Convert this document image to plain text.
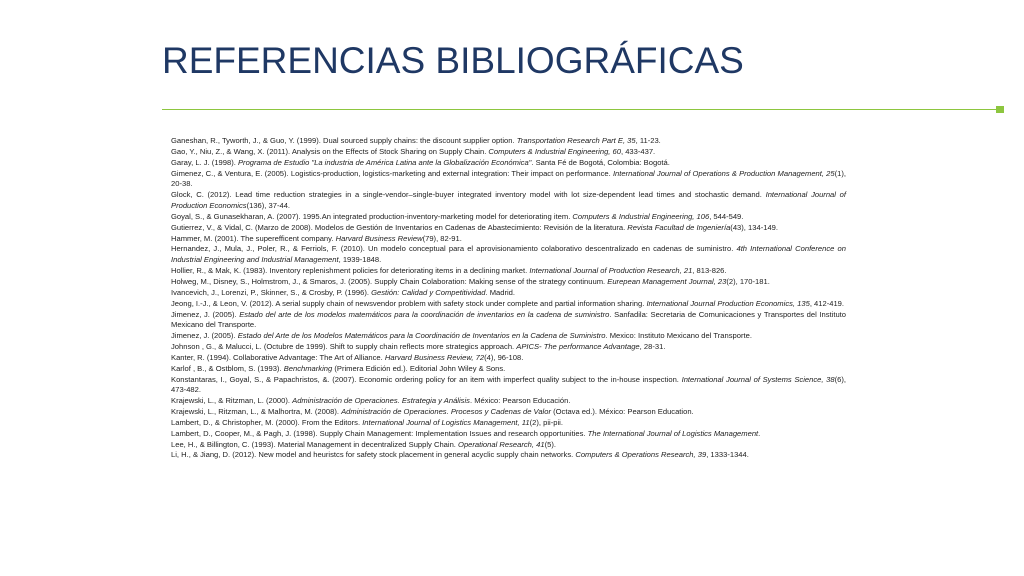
REFERENCIAS BIBLIOGRÁFICAS

Ganeshan, R., Tyworth, J., & Guo, Y. (1999). Dual sourced supply chains: the discount supplier option. Transportation Research Part E, 35, 11-23.

Gao, Y., Niu, Z., & Wang, X. (2011). Analysis on the Effects of Stock Sharing on Supply Chain. Computers & Industrial Engineering, 60, 433-437.

Garay, L. J. (1998). Programa de Estudio "La industria de América Latina ante la Globalización Económica". Santa Fé de Bogotá, Colombia: Bogotá.

Gimenez, C., & Ventura, E. (2005). Logistics-production, logistics-marketing and external integration: Their impact on performance. International Journal of Operations & Production Management, 25(1), 20-38.

Glock, C. (2012). Lead time reduction strategies in a single-vendor–single-buyer integrated inventory model with lot size-dependent lead times and stochastic demand. International Journal of Production Economics(136), 37-44.

Goyal, S., & Gunasekharan, A. (2007). 1995.An integrated production-inventory-marketing model for deteriorating item. Computers & Industrial Engineering, 106, 544-549.

Gutierrez, V., & Vidal, C. (Marzo de 2008). Modelos de Gestión de Inventarios en Cadenas de Abastecimiento: Revisión de la literatura. Revista Facultad de Ingeniería(43), 134-149.

Hammer, M. (2001). The superefficent company. Harvard Business Review(79), 82-91.

Hernandez, J., Mula, J., Poler, R., & Ferriols, F. (2010). Un modelo conceptual para el aprovisionamiento colaborativo descentralizado en cadenas de suministro. 4th International Conference on Industrial Engineering and Industrial Management, 1939-1848.

Hollier, R., & Mak, K. (1983). Inventory replenishment policies for deteriorating items in a declining market. International Journal of Production Research, 21, 813-826.

Holweg, M., Disney, S., Holmstrom, J., & Smaros, J. (2005). Supply Chain Colaboration: Making sense of the strategy continuum. Eurepean Management Journal, 23(2), 170-181.

Ivancevich, J., Lorenzi, P., Skinner, S., & Crosby, P. (1996). Gestión: Calidad y Competitividad. Madrid.

Jeong, I.-J., & Leon, V. (2012). A serial supply chain of newsvendor problem with safety stock under complete and partial information sharing. International Journal Production Economics, 135, 412-419.

Jimenez, J. (2005). Estado del arte de los modelos matemáticos para la coordinación de inventarios en la cadena de suministro. Sanfadila: Secretaria de Comunicaciones y Transportes del Instituto Mexicano del Transporte.

Jimenez, J. (2005). Estado del Arte de los Modelos Matemáticos para la Coordinación de Inventarios en la Cadena de Suministro. Mexico: Instituto Mexicano del Transporte.

Johnson , G., & Malucci, L. (Octubre de 1999). Shift to supply chain reflects more strategics approach. APICS- The performance Advantage, 28-31.

Kanter, R. (1994). Collaborative Advantage: The Art of Alliance. Harvard Business Review, 72(4), 96-108.

Karlof , B., & Ostblom, S. (1993). Benchmarking (Primera Edición ed.). Editorial John Wiley & Sons.

Konstantaras, I., Goyal, S., & Papachristos, &. (2007). Economic ordering policy for an item with imperfect quality subject to the in-house inspection. International Journal of Systems Science, 38(6), 473-482.

Krajewski, L., & Ritzman, L. (2000). Administración de Operaciones. Estrategia y Análisis. México: Pearson Educación.

Krajewski, L., Ritzman, L., & Malhortra, M. (2008). Administración de Operaciones. Procesos y Cadenas de Valor (Octava ed.). México: Pearson Education.

Lambert, D., & Christopher, M. (2000). From the Editors. International Journal of Logistics Management, 11(2), pii-pii.

Lambert, D., Cooper, M., & Pagh, J. (1998). Supply Chain Management: Implementation Issues and research opportunities. The International Journal of Logistics Management.

Lee, H., & Billington, C. (1993). Material Management in decentralized Supply Chain. Operational Research, 41(5).

Li, H., & Jiang, D. (2012). New model and heuristcs for safety stock placement in general acyclic supply chain networks. Computers & Operations Research, 39, 1333-1344.
